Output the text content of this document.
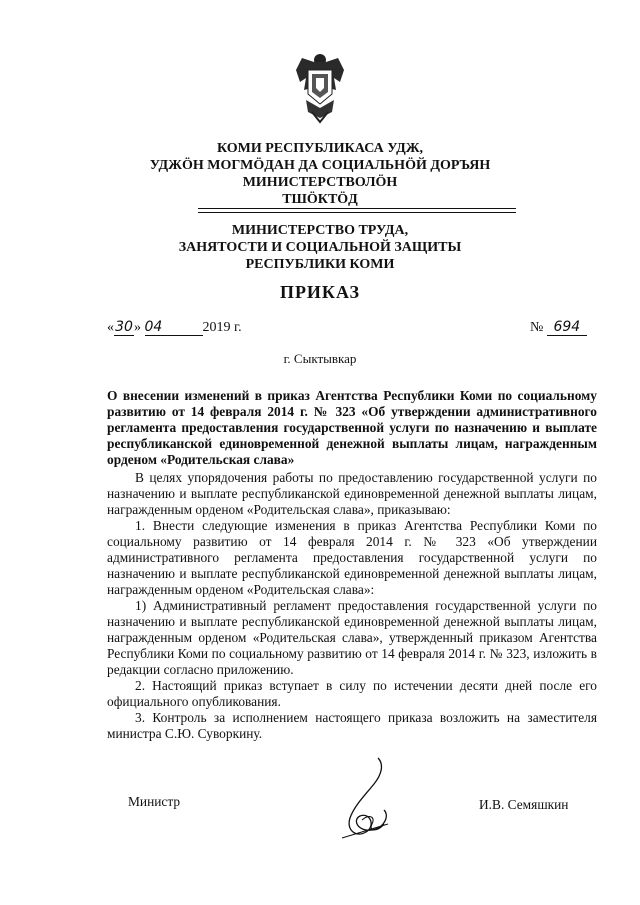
КОМИ РЕСПУБЛИКАСА УДЖ,
УДЖӦН МОГМӦДАН ДА СОЦИАЛЬНӦЙ ДОРЪЯН
МИНИСТЕРСТВОЛӦН
ТШӦКТӦД
МИНИСТЕРСТВО ТРУДА,
ЗАНЯТОСТИ И СОЦИАЛЬНОЙ ЗАЩИТЫ
РЕСПУБЛИКИ КОМИ
ПРИКАЗ
«30» 04	2019 г.	№ 694
г. Сыктывкар
О внесении изменений в приказ Агентства Республики Коми по социальному развитию от 14 февраля 2014 г. № 323 «Об утверждении административного регламента предоставления государственной услуги по назначению и выплате республиканской единовременной денежной выплаты лицам, награжденным орденом «Родительская слава»

В целях упорядочения работы по предоставлению государственной услуги по назначению и выплате республиканской единовременной денежной выплаты лицам, награжденным орденом «Родительская слава», приказываю:

1. Внести следующие изменения в приказ Агентства Республики Коми по социальному развитию от 14 февраля 2014 г. № 323 «Об утверждении административного регламента предоставления государственной услуги по назначению и выплате республиканской единовременной денежной выплаты лицам, награжденным орденом «Родительская слава»:

1) Административный регламент предоставления государственной услуги по назначению и выплате республиканской единовременной денежной выплаты лицам, награжденным орденом «Родительская слава», утвержденный приказом Агентства Республики Коми по социальному развитию от 14 февраля 2014 г. № 323, изложить в редакции согласно приложению.

2. Настоящий приказ вступает в силу по истечении десяти дней после его официального опубликования.

3. Контроль за исполнением настоящего приказа возложить на заместителя министра С.Ю. Суворкину.

Министр	И.В. Семяшкин
